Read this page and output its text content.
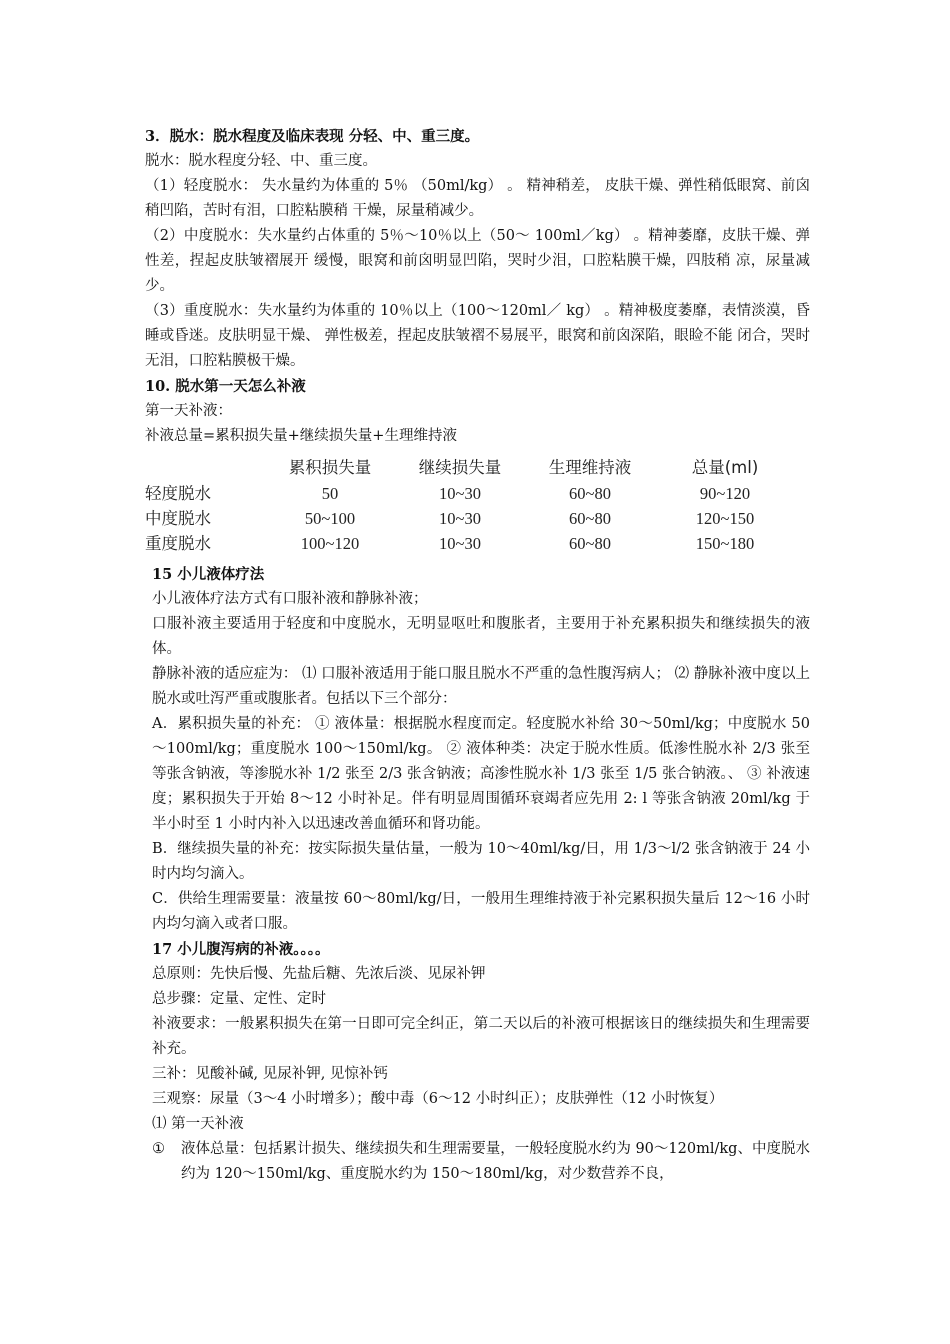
3．脱水：脱水程度及临床表现 分轻、中、重三度。

脱水：脱水程度分轻、中、重三度。

（1）轻度脱水： 失水量约为体重的 5％ （50ml/kg） 。 精神稍差， 皮肤干燥、弹性稍低眼窝、前囟稍凹陷，苦时有泪，口腔粘膜稍 干燥，尿量稍减少。

（2）中度脱水：失水量约占体重的 5％～10％以上（50～ 100ml／kg） 。精神萎靡，皮肤干燥、弹性差，捏起皮肤皱褶展开 缓慢，眼窝和前囟明显凹陷，哭时少泪，口腔粘膜干燥，四肢稍 凉，尿量减少。

（3）重度脱水：失水量约为体重的 10％以上（100～120ml／ kg） 。精神极度萎靡，表情淡漠，昏睡或昏迷。皮肤明显干燥、 弹性极差，捏起皮肤皱褶不易展平，眼窝和前囟深陷，眼睑不能 闭合，哭时无泪，口腔粘膜极干燥。

10. 脱水第一天怎么补液

第一天补液：

补液总量=累积损失量+继续损失量+生理维持液

	累积损失量	继续损失量	生理维持液	总量(ml)
轻度脱水	50	10~30	60~80	90~120
中度脱水	50~100	10~30	60~80	120~150
重度脱水	100~120	10~30	60~80	150~180

15 小儿液体疗法

小儿液体疗法方式有口服补液和静脉补液；

口服补液主要适用于轻度和中度脱水，无明显呕吐和腹胀者，主要用于补充累积损失和继续损失的液体。

静脉补液的适应症为： ⑴ 口服补液适用于能口服且脱水不严重的急性腹泻病人； ⑵ 静脉补液中度以上脱水或吐泻严重或腹胀者。包括以下三个部分：

A．累积损失量的补充： ① 液体量：根据脱水程度而定。轻度脱水补给 30～50ml/kg；中度脱水 50～100ml/kg；重度脱水 100～150ml/kg。 ② 液体种类：决定于脱水性质。低渗性脱水补 2/3 张至等张含钠液，等渗脱水补 1/2 张至 2/3 张含钠液；高渗性脱水补 1/3 张至 1/5 张合钠液。、 ③ 补液速度；累积损失于开始 8～12 小时补足。伴有明显周围循环衰竭者应先用 2: l 等张含钠液 20ml/kg 于半小时至 1 小时内补入以迅速改善血循环和肾功能。

B．继续损失量的补充：按实际损失量估量，一般为 10～40ml/kg/日，用 1/3～l/2 张含钠液于 24 小时内均匀滴入。

C．供给生理需要量：液量按 60～80ml/kg/日，一般用生理维持液于补完累积损失量后 12～16 小时内均匀滴入或者口服。

17 小儿腹泻病的补液。。。。

总原则：先快后慢、先盐后糖、先浓后淡、见尿补钾

总步骤：定量、定性、定时

补液要求：一般累积损失在第一日即可完全纠正，第二天以后的补液可根据该日的继续损失和生理需要补充。

三补：见酸补碱, 见尿补钾, 见惊补钙

三观察：尿量（3～4 小时增多）；酸中毒（6～12 小时纠正）；皮肤弹性（12 小时恢复）

⑴ 第一天补液

①	液体总量：包括累计损失、继续损失和生理需要量，一般轻度脱水约为 90～120ml/kg、中度脱水约为 120～150ml/kg、重度脱水约为 150～180ml/kg，对少数营养不良，
